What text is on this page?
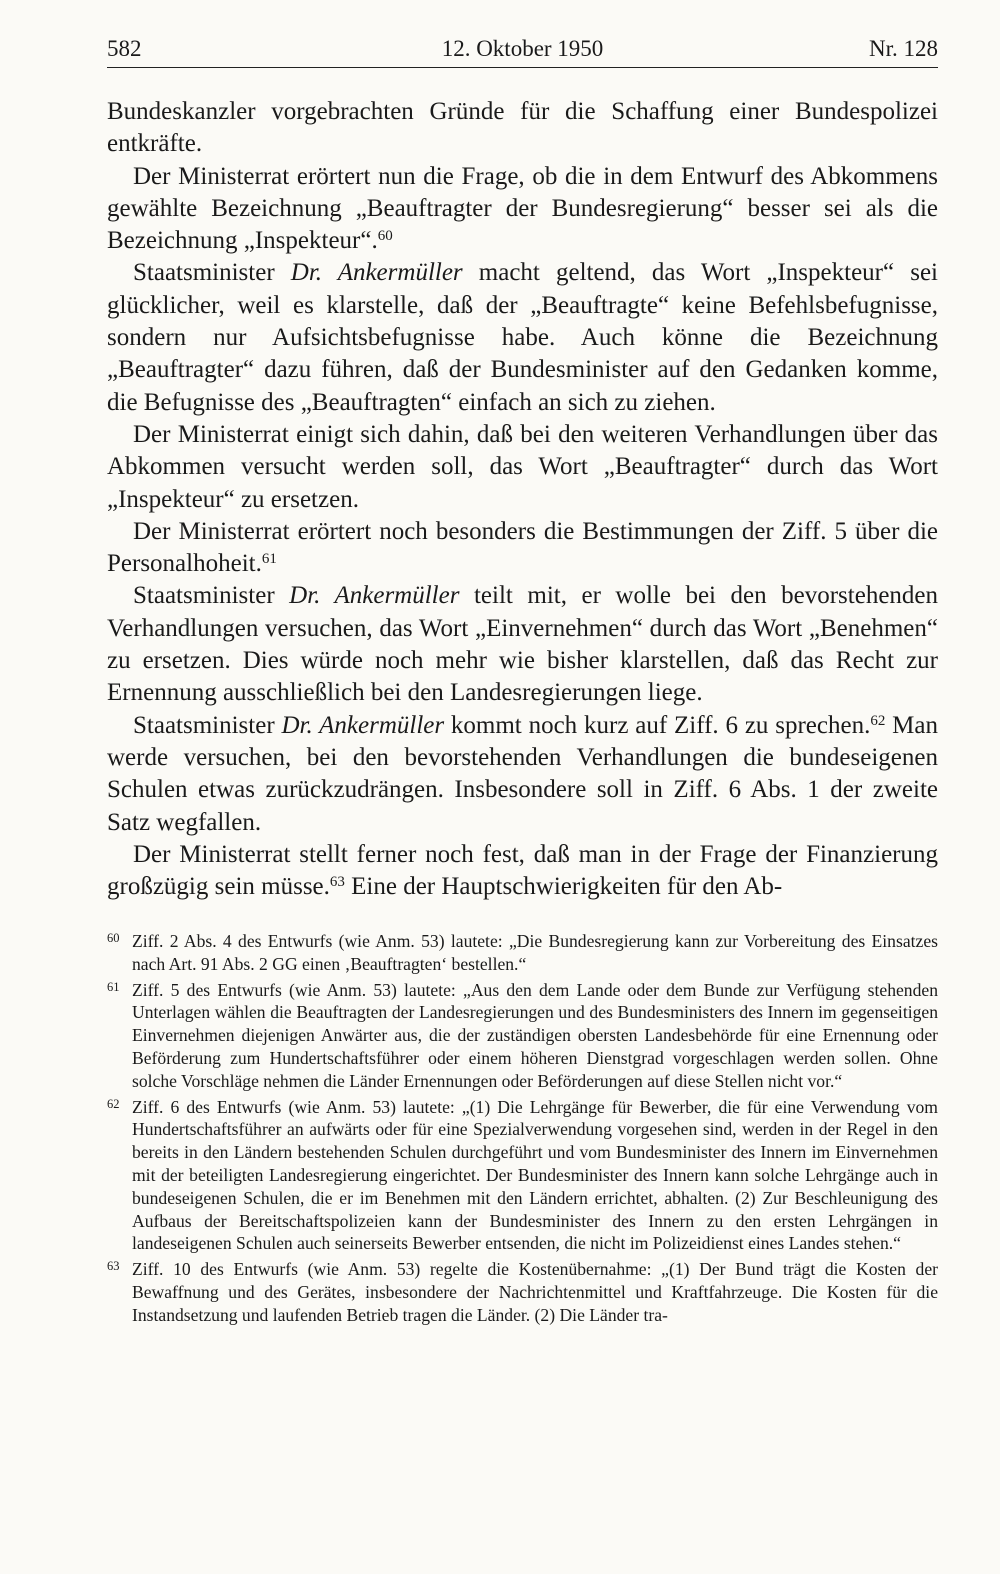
582	12. Oktober 1950	Nr. 128

Bundeskanzler vorgebrachten Gründe für die Schaffung einer Bundespolizei entkräfte.

Der Ministerrat erörtert nun die Frage, ob die in dem Entwurf des Abkommens gewählte Bezeichnung „Beauftragter der Bundesregierung“ besser sei als die Bezeichnung „Inspekteur“.$^{60}$

Staatsminister Dr. Ankermüller macht geltend, das Wort „Inspekteur“ sei glücklicher, weil es klarstelle, daß der „Beauftragte“ keine Befehlsbefugnisse, sondern nur Aufsichtsbefugnisse habe. Auch könne die Bezeichnung „Beauftragter“ dazu führen, daß der Bundesminister auf den Gedanken komme, die Befugnisse des „Beauftragten“ einfach an sich zu ziehen.

Der Ministerrat einigt sich dahin, daß bei den weiteren Verhandlungen über das Abkommen versucht werden soll, das Wort „Beauftragter“ durch das Wort „Inspekteur“ zu ersetzen.

Der Ministerrat erörtert noch besonders die Bestimmungen der Ziff. 5 über die Personalhoheit.$^{61}$

Staatsminister Dr. Ankermüller teilt mit, er wolle bei den bevorstehenden Verhandlungen versuchen, das Wort „Einvernehmen“ durch das Wort „Benehmen“ zu ersetzen. Dies würde noch mehr wie bisher klarstellen, daß das Recht zur Ernennung ausschließlich bei den Landesregierungen liege.

Staatsminister Dr. Ankermüller kommt noch kurz auf Ziff. 6 zu sprechen.$^{62}$ Man werde versuchen, bei den bevorstehenden Verhandlungen die bundeseigenen Schulen etwas zurückzudrängen. Insbesondere soll in Ziff. 6 Abs. 1 der zweite Satz wegfallen.

Der Ministerrat stellt ferner noch fest, daß man in der Frage der Finanzierung großzügig sein müsse.$^{63}$ Eine der Hauptschwierigkeiten für den Ab-

60 Ziff. 2 Abs. 4 des Entwurfs (wie Anm. 53) lautete: „Die Bundesregierung kann zur Vorbereitung des Einsatzes nach Art. 91 Abs. 2 GG einen ‚Beauftragten‘ bestellen.“
61 Ziff. 5 des Entwurfs (wie Anm. 53) lautete: „Aus den dem Lande oder dem Bunde zur Verfügung stehenden Unterlagen wählen die Beauftragten der Landesregierungen und des Bundesministers des Innern im gegenseitigen Einvernehmen diejenigen Anwärter aus, die der zuständigen obersten Landesbehörde für eine Ernennung oder Beförderung zum Hundertschaftsführer oder einem höheren Dienstgrad vorgeschlagen werden sollen. Ohne solche Vorschläge nehmen die Länder Ernennungen oder Beförderungen auf diese Stellen nicht vor.“
62 Ziff. 6 des Entwurfs (wie Anm. 53) lautete: „(1) Die Lehrgänge für Bewerber, die für eine Verwendung vom Hundertschaftsführer an aufwärts oder für eine Spezialverwendung vorgesehen sind, werden in der Regel in den bereits in den Ländern bestehenden Schulen durchgeführt und vom Bundesminister des Innern im Einvernehmen mit der beteiligten Landesregierung eingerichtet. Der Bundesminister des Innern kann solche Lehrgänge auch in bundeseigenen Schulen, die er im Benehmen mit den Ländern errichtet, abhalten. (2) Zur Beschleunigung des Aufbaus der Bereitschaftspolizeien kann der Bundesminister des Innern zu den ersten Lehrgängen in landeseigenen Schulen auch seinerseits Bewerber entsenden, die nicht im Polizeidienst eines Landes stehen.“
63 Ziff. 10 des Entwurfs (wie Anm. 53) regelte die Kostenübernahme: „(1) Der Bund trägt die Kosten der Bewaffnung und des Gerätes, insbesondere der Nachrichtenmittel und Kraftfahrzeuge. Die Kosten für die Instandsetzung und laufenden Betrieb tragen die Länder. (2) Die Länder tra-
